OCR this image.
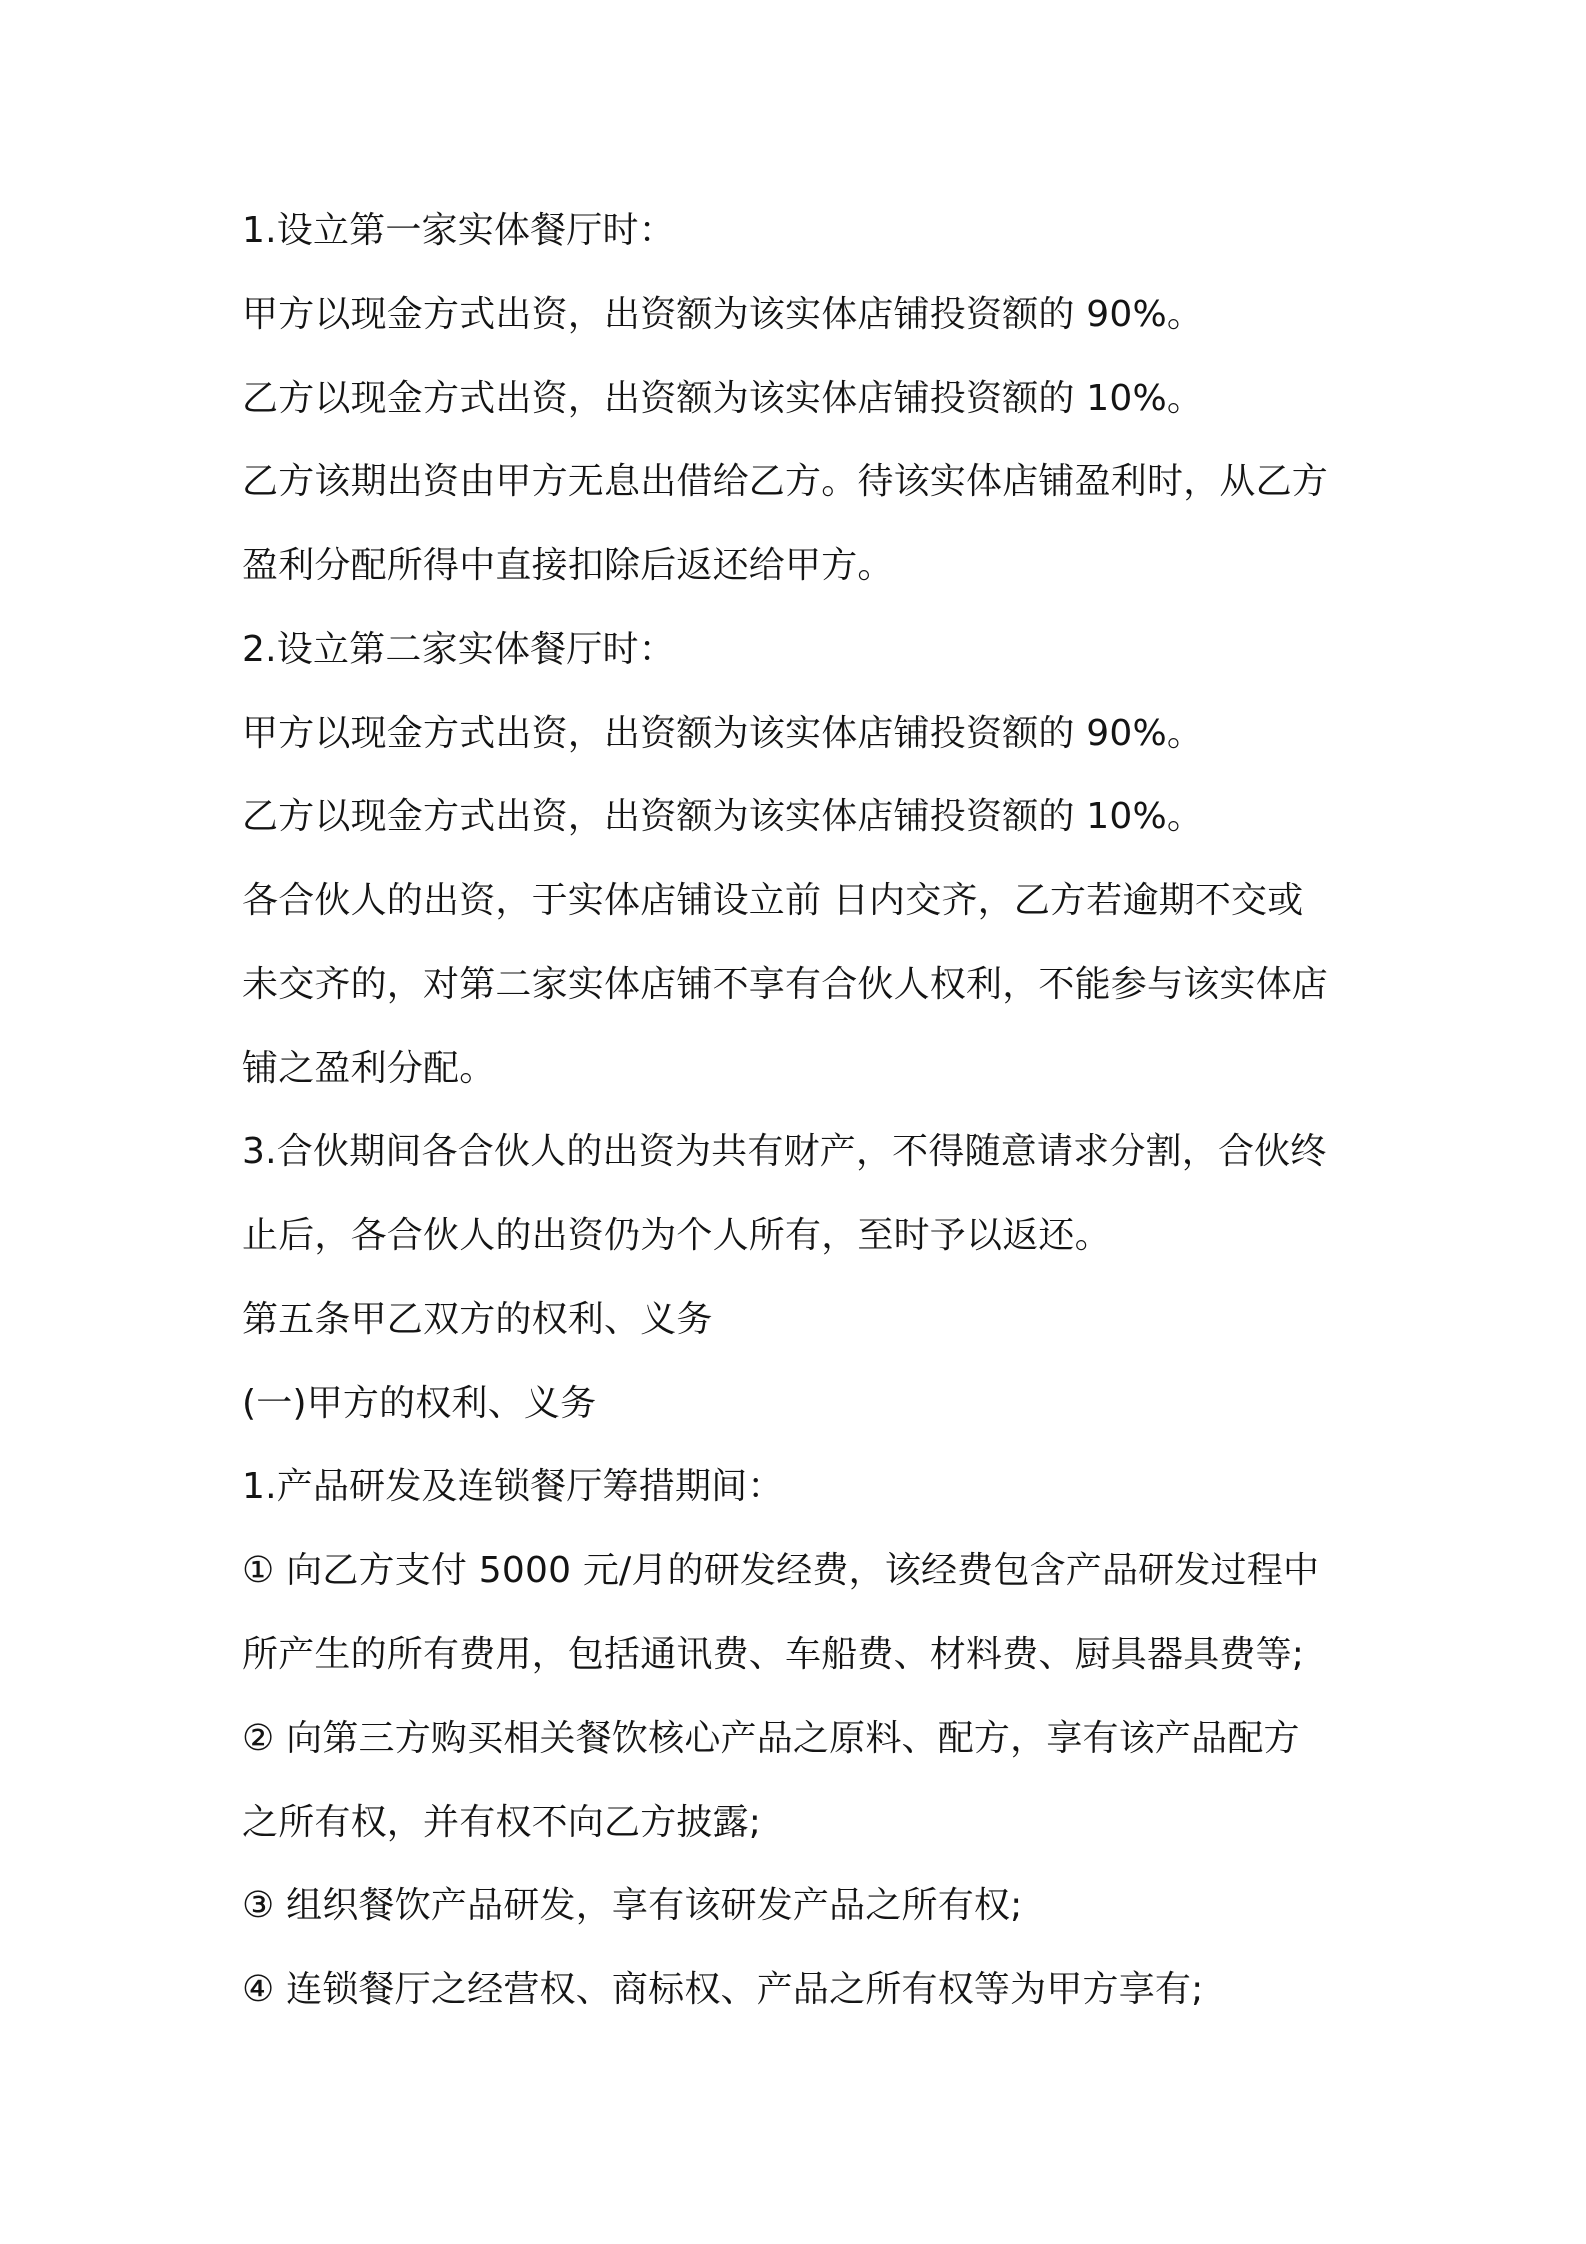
1.设立第一家实体餐厅时：

甲方以现金方式出资，出资额为该实体店铺投资额的 90%。

乙方以现金方式出资，出资额为该实体店铺投资额的 10%。

乙方该期出资由甲方无息出借给乙方。待该实体店铺盈利时，从乙方

盈利分配所得中直接扣除后返还给甲方。

2.设立第二家实体餐厅时：

甲方以现金方式出资，出资额为该实体店铺投资额的 90%。

乙方以现金方式出资，出资额为该实体店铺投资额的 10%。

各合伙人的出资，于实体店铺设立前 日内交齐，乙方若逾期不交或

未交齐的，对第二家实体店铺不享有合伙人权利，不能参与该实体店

铺之盈利分配。

3.合伙期间各合伙人的出资为共有财产，不得随意请求分割，合伙终

止后，各合伙人的出资仍为个人所有，至时予以返还。

第五条甲乙双方的权利、义务

(一)甲方的权利、义务

1.产品研发及连锁餐厅筹措期间：

① 向乙方支付 5000 元/月的研发经费，该经费包含产品研发过程中

所产生的所有费用，包括通讯费、车船费、材料费、厨具器具费等;

② 向第三方购买相关餐饮核心产品之原料、配方，享有该产品配方

之所有权，并有权不向乙方披露;

③ 组织餐饮产品研发，享有该研发产品之所有权;

④ 连锁餐厅之经营权、商标权、产品之所有权等为甲方享有;
